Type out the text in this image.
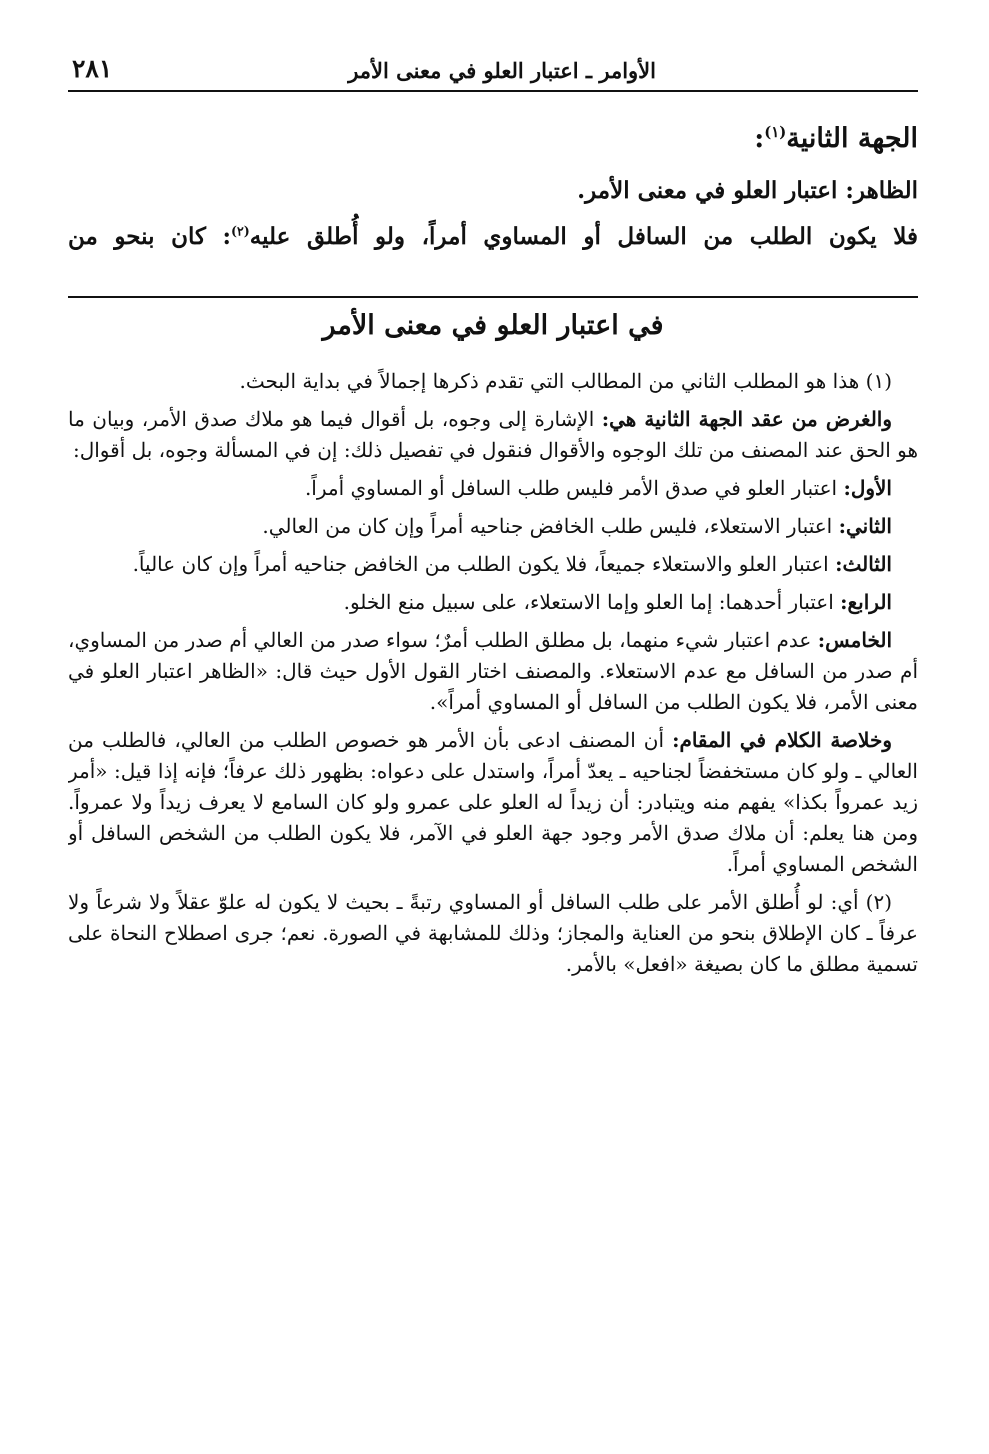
الأوامر ـ اعتبار العلو في معنى الأمر
٢٨١

الجهة الثانية$^{(١)}$:

الظاهر: اعتبار العلو في معنى الأمر.

فلا يكون الطلب من السافل أو المساوي أمراً، ولو أُطلق عليه$^{(٢)}$: كان بنحو من

في اعتبار العلو في معنى الأمر

(١) هذا هو المطلب الثاني من المطالب التي تقدم ذكرها إجمالاً في بداية البحث.

والغرض من عقد الجهة الثانية هي: الإشارة إلى وجوه، بل أقوال فيما هو ملاك صدق الأمر، وبيان ما هو الحق عند المصنف من تلك الوجوه والأقوال فنقول في تفصيل ذلك: إن في المسألة وجوه، بل أقوال:

الأول: اعتبار العلو في صدق الأمر فليس طلب السافل أو المساوي أمراً.

الثاني: اعتبار الاستعلاء، فليس طلب الخافض جناحيه أمراً وإن كان من العالي.

الثالث: اعتبار العلو والاستعلاء جميعاً، فلا يكون الطلب من الخافض جناحيه أمراً وإن كان عالياً.

الرابع: اعتبار أحدهما: إما العلو وإما الاستعلاء، على سبيل منع الخلو.

الخامس: عدم اعتبار شيء منهما، بل مطلق الطلب أمرٌ؛ سواء صدر من العالي أم صدر من المساوي، أم صدر من السافل مع عدم الاستعلاء. والمصنف اختار القول الأول حيث قال: «الظاهر اعتبار العلو في معنى الأمر، فلا يكون الطلب من السافل أو المساوي أمراً».

وخلاصة الكلام في المقام: أن المصنف ادعى بأن الأمر هو خصوص الطلب من العالي، فالطلب من العالي ـ ولو كان مستخفضاً لجناحيه ـ يعدّ أمراً، واستدل على دعواه: بظهور ذلك عرفاً؛ فإنه إذا قيل: «أمر زيد عمرواً بكذا» يفهم منه ويتبادر: أن زيداً له العلو على عمرو ولو كان السامع لا يعرف زيداً ولا عمرواً. ومن هنا يعلم: أن ملاك صدق الأمر وجود جهة العلو في الآمر، فلا يكون الطلب من الشخص السافل أو الشخص المساوي أمراً.

(٢) أي: لو أُطلق الأمر على طلب السافل أو المساوي رتبةً ـ بحيث لا يكون له علوّ عقلاً ولا شرعاً ولا عرفاً ـ كان الإطلاق بنحو من العناية والمجاز؛ وذلك للمشابهة في الصورة. نعم؛ جرى اصطلاح النحاة على تسمية مطلق ما كان بصيغة «افعل» بالأمر.
